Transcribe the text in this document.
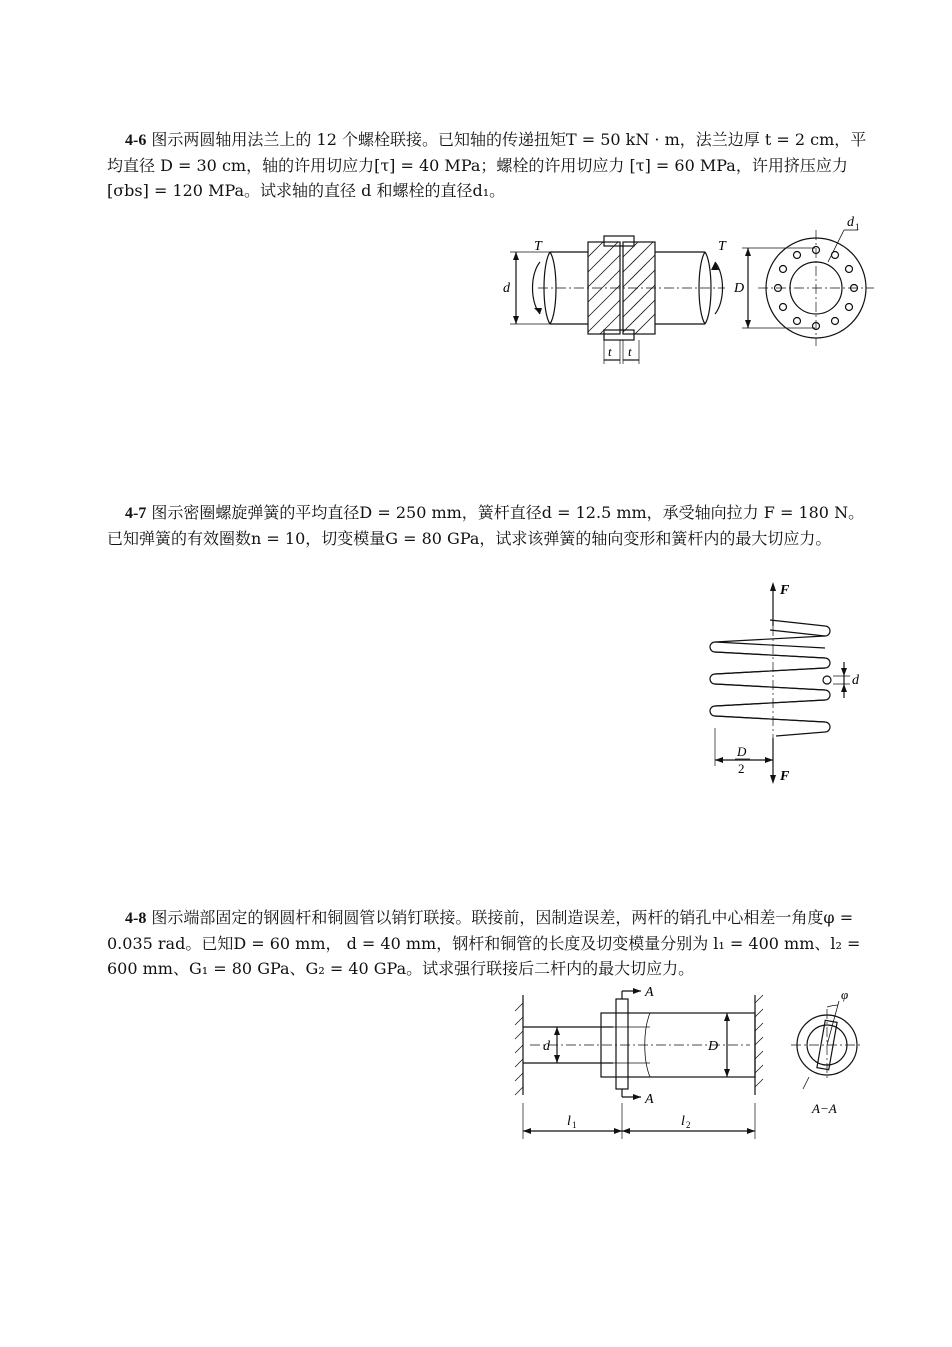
4-6 图示两圆轴用法兰上的 12 个螺栓联接。已知轴的传递扭矩T = 50 kN · m，法兰边厚 t = 2 cm，平均直径 D = 30 cm，轴的许用切应力[τ] = 40 MPa；螺栓的许用切应力 [τ] = 60 MPa，许用挤压应力[σbs] = 120 MPa。试求轴的直径 d 和螺栓的直径d₁。

T	T
d
t t
D
d 1

4-7 图示密圈螺旋弹簧的平均直径D = 250 mm，簧杆直径d = 12.5 mm，承受轴向拉力 F = 180 N。已知弹簧的有效圈数n = 10，切变模量G = 80 GPa，试求该弹簧的轴向变形和簧杆内的最大切应力。

F
F
d
D
2

4-8 图示端部固定的钢圆杆和铜圆管以销钉联接。联接前，因制造误差，两杆的销孔中心相差一角度φ = 0.035 rad。已知D = 60 mm， d = 40 mm，钢杆和铜管的长度及切变模量分别为 l₁ = 400 mm、l₂ = 600 mm、G₁ = 80 GPa、G₂ = 40 GPa。试求强行联接后二杆内的最大切应力。

A
A
d	D
l 1	l 2
φ
A−A
